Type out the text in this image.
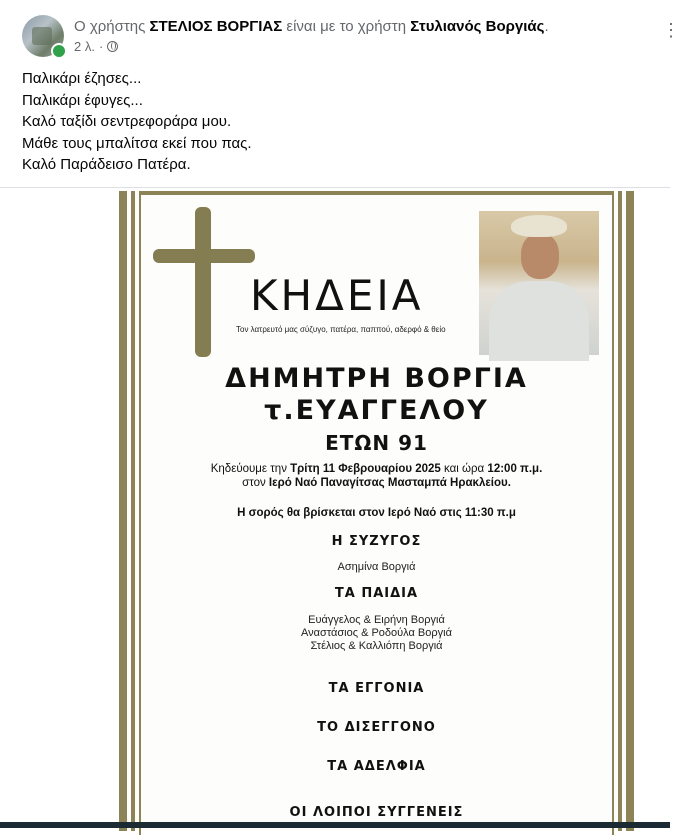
Ο χρήστης ΣΤΕΛΙΟΣ ΒΟΡΓΙΑΣ είναι με το χρήστη Στυλιανός Βοργιάς.
2 λ. ·
⋮
Παλικάρι έζησες...
Παλικάρι έφυγες...
Καλό ταξίδι σεντρεφοράρα μου.
Μάθε τους μπαλίτσα εκεί που πας.
Καλό Παράδεισο Πατέρα.
ΚΗΔΕΙΑ
Τον λατρευτό μας σύζυγο, πατέρα, παππού, αδερφό & θείο
ΔΗΜΗΤΡΗ ΒΟΡΓΙΑ
τ.ΕΥΑΓΓΕΛΟΥ
ΕΤΩΝ 91
Κηδεύουμε την Τρίτη 11 Φεβρουαρίου 2025 και ώρα 12:00 π.μ.
στον Ιερό Ναό Παναγίτσας Μασταμπά Ηρακλείου.
Η σορός θα βρίσκεται στον Ιερό Ναό στις 11:30 π.μ
Η ΣΥΖΥΓΟΣ
Ασημίνα Βοργιά
ΤΑ ΠΑΙΔΙΑ
Ευάγγελος & Ειρήνη Βοργιά
Αναστάσιος & Ροδούλα Βοργιά
Στέλιος & Καλλιόπη Βοργιά
ΤΑ ΕΓΓΟΝΙΑ
ΤΟ ΔΙΣΕΓΓΟΝΟ
ΤΑ ΑΔΕΛΦΙΑ
ΟΙ ΛΟΙΠΟΙ ΣΥΓΓΕΝΕΙΣ
